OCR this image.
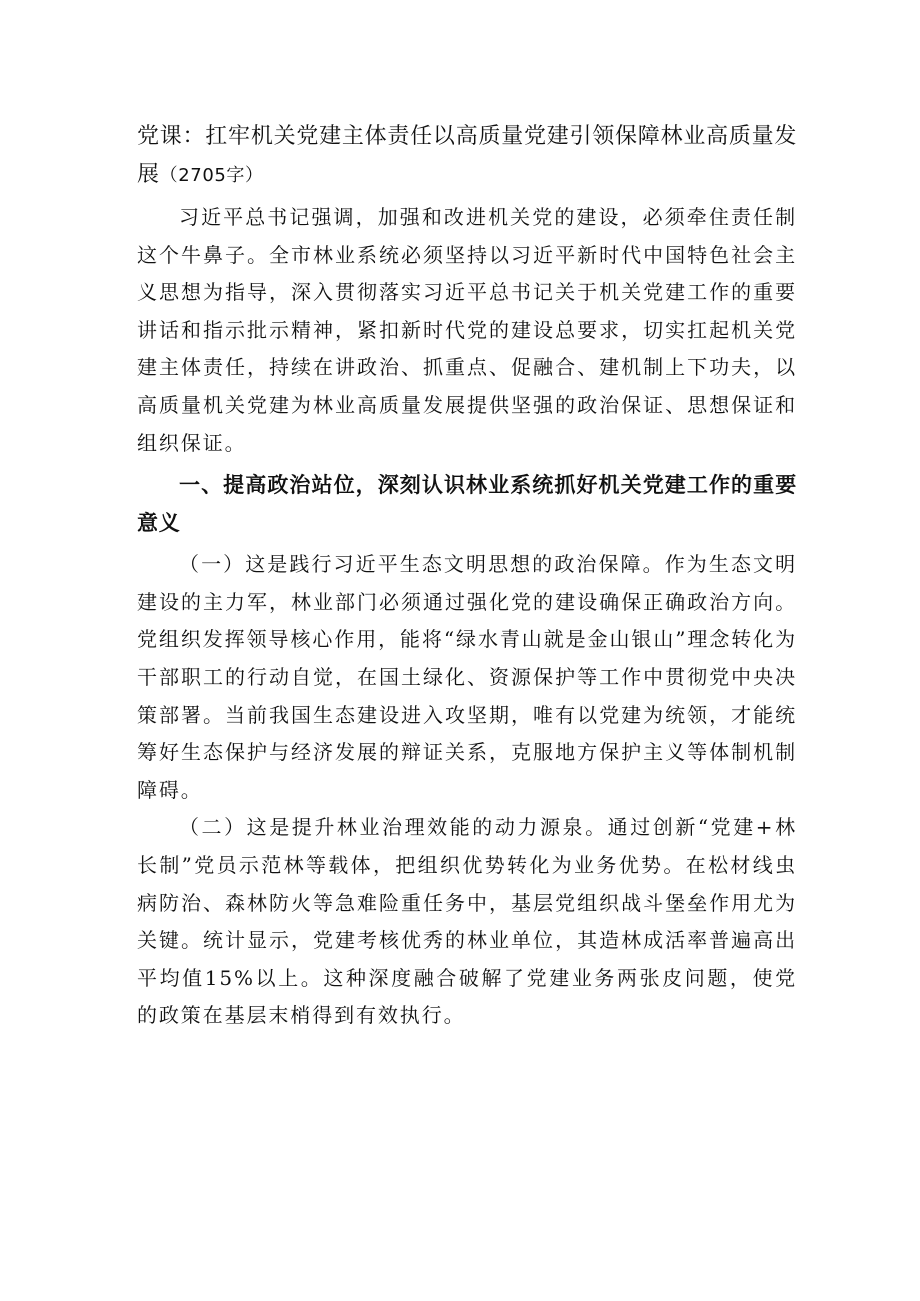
党课：扛牢机关党建主体责任以高质量党建引领保障林业高质量发展（2705字）

习近平总书记强调，加强和改进机关党的建设，必须牵住责任制这个牛鼻子。全市林业系统必须坚持以习近平新时代中国特色社会主义思想为指导，深入贯彻落实习近平总书记关于机关党建工作的重要讲话和指示批示精神，紧扣新时代党的建设总要求，切实扛起机关党建主体责任，持续在讲政治、抓重点、促融合、建机制上下功夫，以高质量机关党建为林业高质量发展提供坚强的政治保证、思想保证和组织保证。

一、提高政治站位，深刻认识林业系统抓好机关党建工作的重要意义

（一）这是践行习近平生态文明思想的政治保障。作为生态文明建设的主力军，林业部门必须通过强化党的建设确保正确政治方向。党组织发挥领导核心作用，能将“绿水青山就是金山银山”理念转化为干部职工的行动自觉，在国土绿化、资源保护等工作中贯彻党中央决策部署。当前我国生态建设进入攻坚期，唯有以党建为统领，才能统筹好生态保护与经济发展的辩证关系，克服地方保护主义等体制机制障碍。

（二）这是提升林业治理效能的动力源泉。通过创新“党建+林长制”党员示范林等载体，把组织优势转化为业务优势。在松材线虫病防治、森林防火等急难险重任务中，基层党组织战斗堡垒作用尤为关键。统计显示，党建考核优秀的林业单位，其造林成活率普遍高出平均值15%以上。这种深度融合破解了党建业务两张皮问题，使党的政策在基层末梢得到有效执行。
